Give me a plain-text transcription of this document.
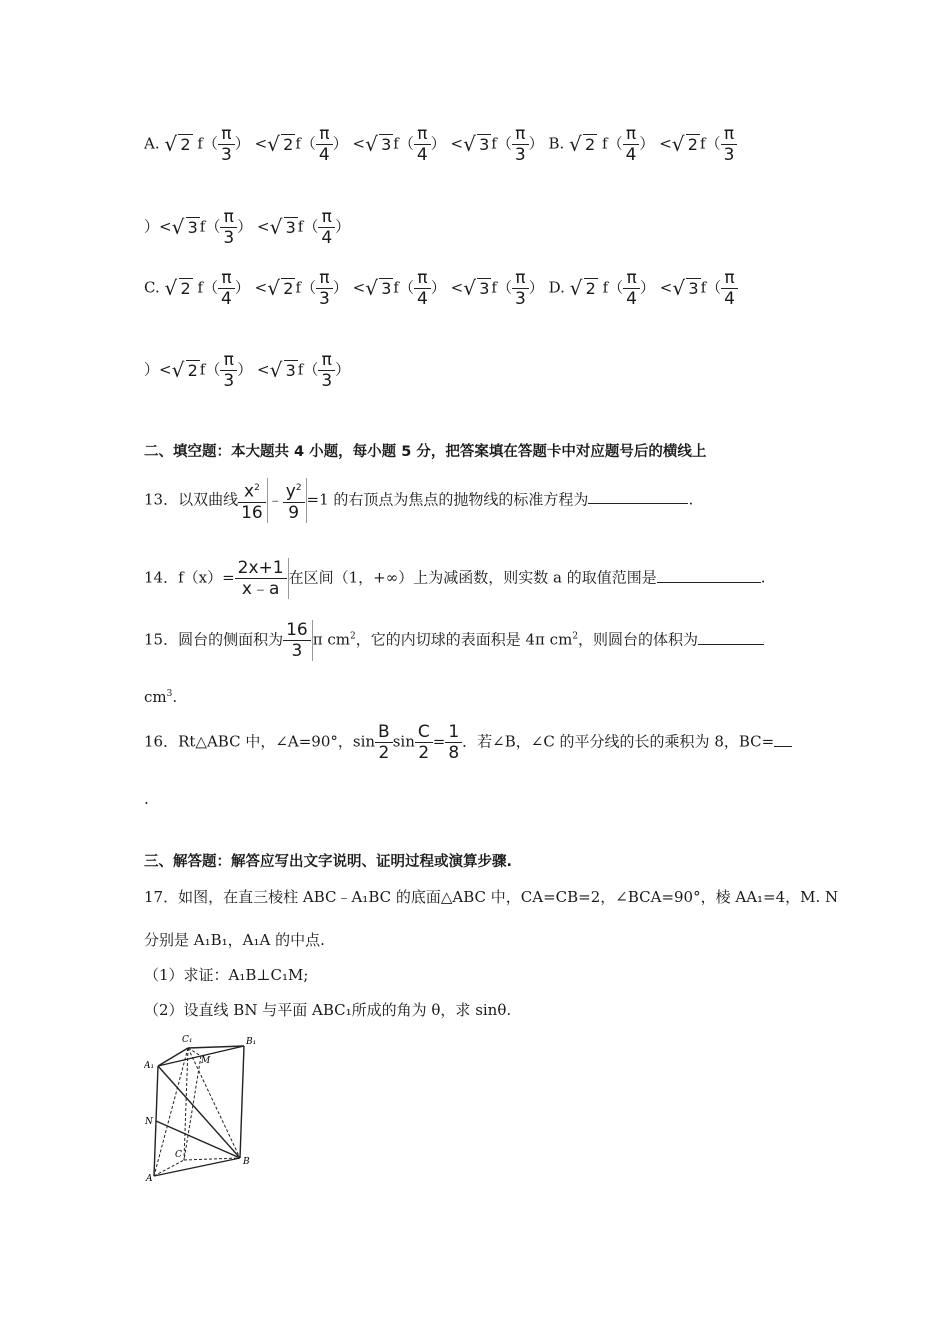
A. √ 2 $f( \frac{\pi}{3}$ ） < √ 2 $f( \frac{\pi}{4}$ ） < √ 3 $f( \frac{\pi}{4}$ ） < √ 3 $f( \frac{\pi}{3}$ ） B. √ 2 $f( \frac{\pi}{4}$ ） < √ 2 $f( \frac{\pi}{3}$
）< √ 3 $f( \frac{\pi}{3}$ ） < √ 3 $f( \frac{\pi}{4}$ ）
C. √ 2 $f( \frac{\pi}{4}$ ） < √ 2 $f( \frac{\pi}{3}$ ） < √ 3 $f( \frac{\pi}{4}$ ） < √ 3 $f( \frac{\pi}{3}$ ） D. √ 2 $f( \frac{\pi}{4}$ ） < √ 3 $f( \frac{\pi}{4}$
）< √ 2 $f( \frac{\pi}{3}$ ） < √ 3 $f( \frac{\pi}{3}$ ）
二、填空题：本大题共 4 小题，每小题 5 分，把答案填在答题卡中对应题号后的横线上
13．以双曲线 $\frac{x^2}{16}$ ﹣ $\frac{y^2}{9} =1$ 的右顶点为焦点的抛物线的标准方程为	.
14．$f(x)= \frac{2x+1}{x﹣a}$ 在区间（1，+∞）上为减函数，则实数 a 的取值范围是	.
15．圆台的侧面积为 $\frac{16}{3}$ π $cm^2$，它的内切球的表面积是 4π $cm^2$，则圆台的体积为
$cm^3$.
16．Rt△ABC 中，∠A=90°，$\sin \frac{B}{2}$ $\sin \frac{C}{2} = \frac{1}{8}$ ．若∠B，∠C 的平分线的长的乘积为 8，BC=
.
三、解答题：解答应写出文字说明、证明过程或演算步骤.
17．如图，在直三棱柱 ABC﹣A₁BC 的底面△ABC 中，CA=CB=2，∠BCA=90°，棱 AA₁=4，M. N
分别是 A₁B₁，A₁A 的中点.
（1）求证：A₁B⊥C₁M;
（2）设直线 BN 与平面 ABC₁所成的角为 θ，求 sinθ.
C₁	B₁
A₁	M
N
C
B
A
